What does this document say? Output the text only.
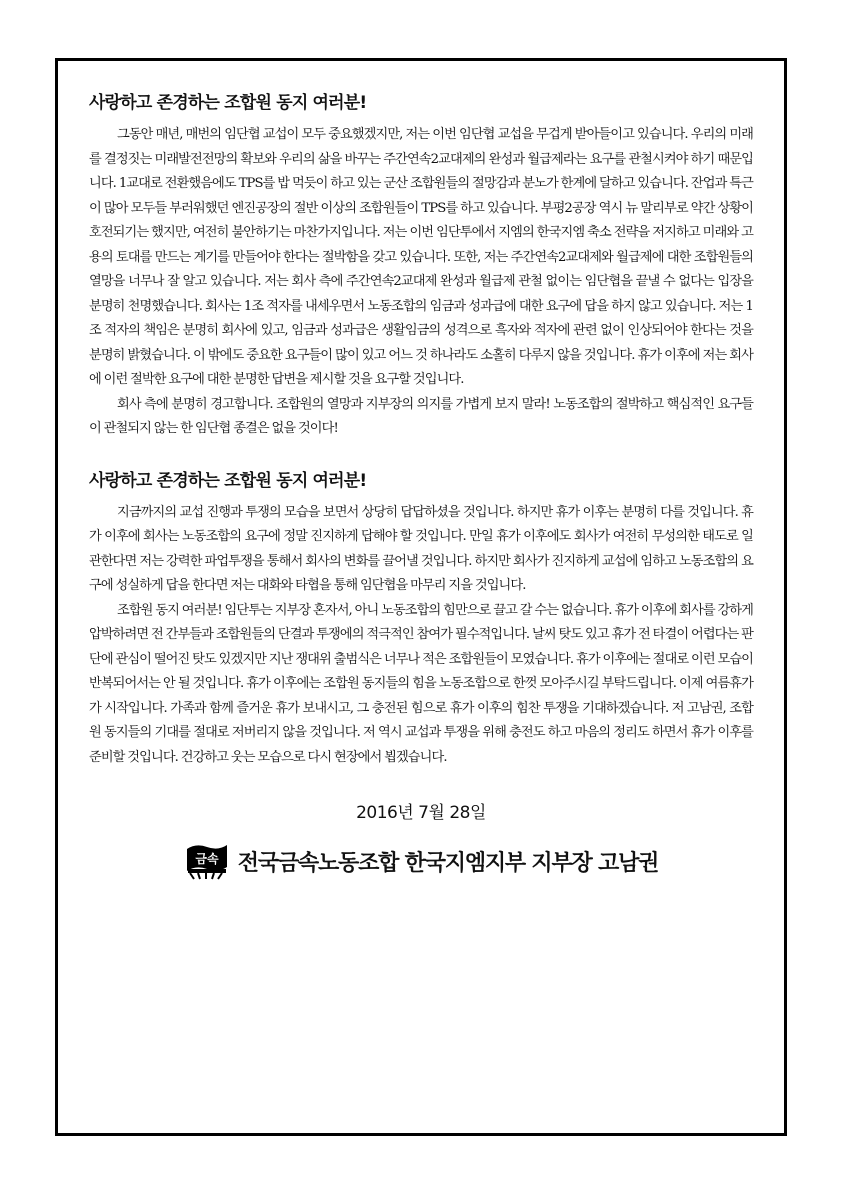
사랑하고 존경하는 조합원 동지 여러분!

그동안 매년, 매번의 임단협 교섭이 모두 중요했겠지만, 저는 이번 임단협 교섭을 무겁게 받아들이고 있습니다. 우리의 미래를 결정짓는 미래발전전망의 확보와 우리의 삶을 바꾸는 주간연속2교대제의 완성과 월급제라는 요구를 관철시켜야 하기 때문입니다. 1교대로 전환했음에도 TPS를 밥 먹듯이 하고 있는 군산 조합원들의 절망감과 분노가 한계에 달하고 있습니다. 잔업과 특근이 많아 모두들 부러워했던 엔진공장의 절반 이상의 조합원들이 TPS를 하고 있습니다. 부평2공장 역시 뉴 말리부로 약간 상황이 호전되기는 했지만, 여전히 불안하기는 마찬가지입니다. 저는 이번 임단투에서 지엠의 한국지엠 축소 전략을 저지하고 미래와 고용의 토대를 만드는 계기를 만들어야 한다는 절박함을 갖고 있습니다. 또한, 저는 주간연속2교대제와 월급제에 대한 조합원들의 열망을 너무나 잘 알고 있습니다. 저는 회사 측에 주간연속2교대제 완성과 월급제 관철 없이는 임단협을 끝낼 수 없다는 입장을 분명히 천명했습니다. 회사는 1조 적자를 내세우면서 노동조합의 임금과 성과급에 대한 요구에 답을 하지 않고 있습니다. 저는 1조 적자의 책임은 분명히 회사에 있고, 임금과 성과급은 생활임금의 성격으로 흑자와 적자에 관련 없이 인상되어야 한다는 것을 분명히 밝혔습니다. 이 밖에도 중요한 요구들이 많이 있고 어느 것 하나라도 소홀히 다루지 않을 것입니다. 휴가 이후에 저는 회사에 이런 절박한 요구에 대한 분명한 답변을 제시할 것을 요구할 것입니다.

회사 측에 분명히 경고합니다. 조합원의 열망과 지부장의 의지를 가볍게 보지 말라! 노동조합의 절박하고 핵심적인 요구들이 관철되지 않는 한 임단협 종결은 없을 것이다!

사랑하고 존경하는 조합원 동지 여러분!

지금까지의 교섭 진행과 투쟁의 모습을 보면서 상당히 답답하셨을 것입니다. 하지만 휴가 이후는 분명히 다를 것입니다. 휴가 이후에 회사는 노동조합의 요구에 정말 진지하게 답해야 할 것입니다. 만일 휴가 이후에도 회사가 여전히 무성의한 태도로 일관한다면 저는 강력한 파업투쟁을 통해서 회사의 변화를 끌어낼 것입니다. 하지만 회사가 진지하게 교섭에 임하고 노동조합의 요구에 성실하게 답을 한다면 저는 대화와 타협을 통해 임단협을 마무리 지을 것입니다.

조합원 동지 여러분! 임단투는 지부장 혼자서, 아니 노동조합의 힘만으로 끌고 갈 수는 없습니다. 휴가 이후에 회사를 강하게 압박하려면 전 간부들과 조합원들의 단결과 투쟁에의 적극적인 참여가 필수적입니다. 날씨 탓도 있고 휴가 전 타결이 어렵다는 판단에 관심이 떨어진 탓도 있겠지만 지난 쟁대위 출범식은 너무나 적은 조합원들이 모였습니다. 휴가 이후에는 절대로 이런 모습이 반복되어서는 안 될 것입니다. 휴가 이후에는 조합원 동지들의 힘을 노동조합으로 한껏 모아주시길 부탁드립니다. 이제 여름휴가가 시작입니다. 가족과 함께 즐거운 휴가 보내시고, 그 충전된 힘으로 휴가 이후의 힘찬 투쟁을 기대하겠습니다. 저 고남권, 조합원 동지들의 기대를 절대로 저버리지 않을 것입니다. 저 역시 교섭과 투쟁을 위해 충전도 하고 마음의 정리도 하면서 휴가 이후를 준비할 것입니다. 건강하고 웃는 모습으로 다시 현장에서 뵙겠습니다.

2016년 7월 28일
금속 전국금속노동조합 한국지엠지부 지부장 고남권
